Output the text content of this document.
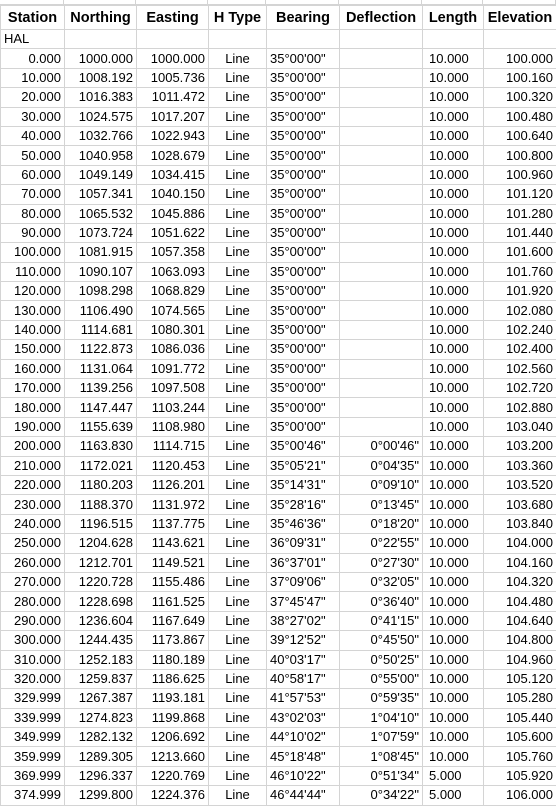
Station	Northing	Easting	H Type	Bearing	Deflection	Length	Elevation
HAL							
0.000	1000.000	1000.000	Line	35°00'00"		10.000	100.000
10.000	1008.192	1005.736	Line	35°00'00"		10.000	100.160
20.000	1016.383	1011.472	Line	35°00'00"		10.000	100.320
30.000	1024.575	1017.207	Line	35°00'00"		10.000	100.480
40.000	1032.766	1022.943	Line	35°00'00"		10.000	100.640
50.000	1040.958	1028.679	Line	35°00'00"		10.000	100.800
60.000	1049.149	1034.415	Line	35°00'00"		10.000	100.960
70.000	1057.341	1040.150	Line	35°00'00"		10.000	101.120
80.000	1065.532	1045.886	Line	35°00'00"		10.000	101.280
90.000	1073.724	1051.622	Line	35°00'00"		10.000	101.440
100.000	1081.915	1057.358	Line	35°00'00"		10.000	101.600
110.000	1090.107	1063.093	Line	35°00'00"		10.000	101.760
120.000	1098.298	1068.829	Line	35°00'00"		10.000	101.920
130.000	1106.490	1074.565	Line	35°00'00"		10.000	102.080
140.000	1114.681	1080.301	Line	35°00'00"		10.000	102.240
150.000	1122.873	1086.036	Line	35°00'00"		10.000	102.400
160.000	1131.064	1091.772	Line	35°00'00"		10.000	102.560
170.000	1139.256	1097.508	Line	35°00'00"		10.000	102.720
180.000	1147.447	1103.244	Line	35°00'00"		10.000	102.880
190.000	1155.639	1108.980	Line	35°00'00"		10.000	103.040
200.000	1163.830	1114.715	Line	35°00'46"	0°00'46"	10.000	103.200
210.000	1172.021	1120.453	Line	35°05'21"	0°04'35"	10.000	103.360
220.000	1180.203	1126.201	Line	35°14'31"	0°09'10"	10.000	103.520
230.000	1188.370	1131.972	Line	35°28'16"	0°13'45"	10.000	103.680
240.000	1196.515	1137.775	Line	35°46'36"	0°18'20"	10.000	103.840
250.000	1204.628	1143.621	Line	36°09'31"	0°22'55"	10.000	104.000
260.000	1212.701	1149.521	Line	36°37'01"	0°27'30"	10.000	104.160
270.000	1220.728	1155.486	Line	37°09'06"	0°32'05"	10.000	104.320
280.000	1228.698	1161.525	Line	37°45'47"	0°36'40"	10.000	104.480
290.000	1236.604	1167.649	Line	38°27'02"	0°41'15"	10.000	104.640
300.000	1244.435	1173.867	Line	39°12'52"	0°45'50"	10.000	104.800
310.000	1252.183	1180.189	Line	40°03'17"	0°50'25"	10.000	104.960
320.000	1259.837	1186.625	Line	40°58'17"	0°55'00"	10.000	105.120
329.999	1267.387	1193.181	Line	41°57'53"	0°59'35"	10.000	105.280
339.999	1274.823	1199.868	Line	43°02'03"	1°04'10"	10.000	105.440
349.999	1282.132	1206.692	Line	44°10'02"	1°07'59"	10.000	105.600
359.999	1289.305	1213.660	Line	45°18'48"	1°08'45"	10.000	105.760
369.999	1296.337	1220.769	Line	46°10'22"	0°51'34"	5.000	105.920
374.999	1299.800	1224.376	Line	46°44'44"	0°34'22"	5.000	106.000
